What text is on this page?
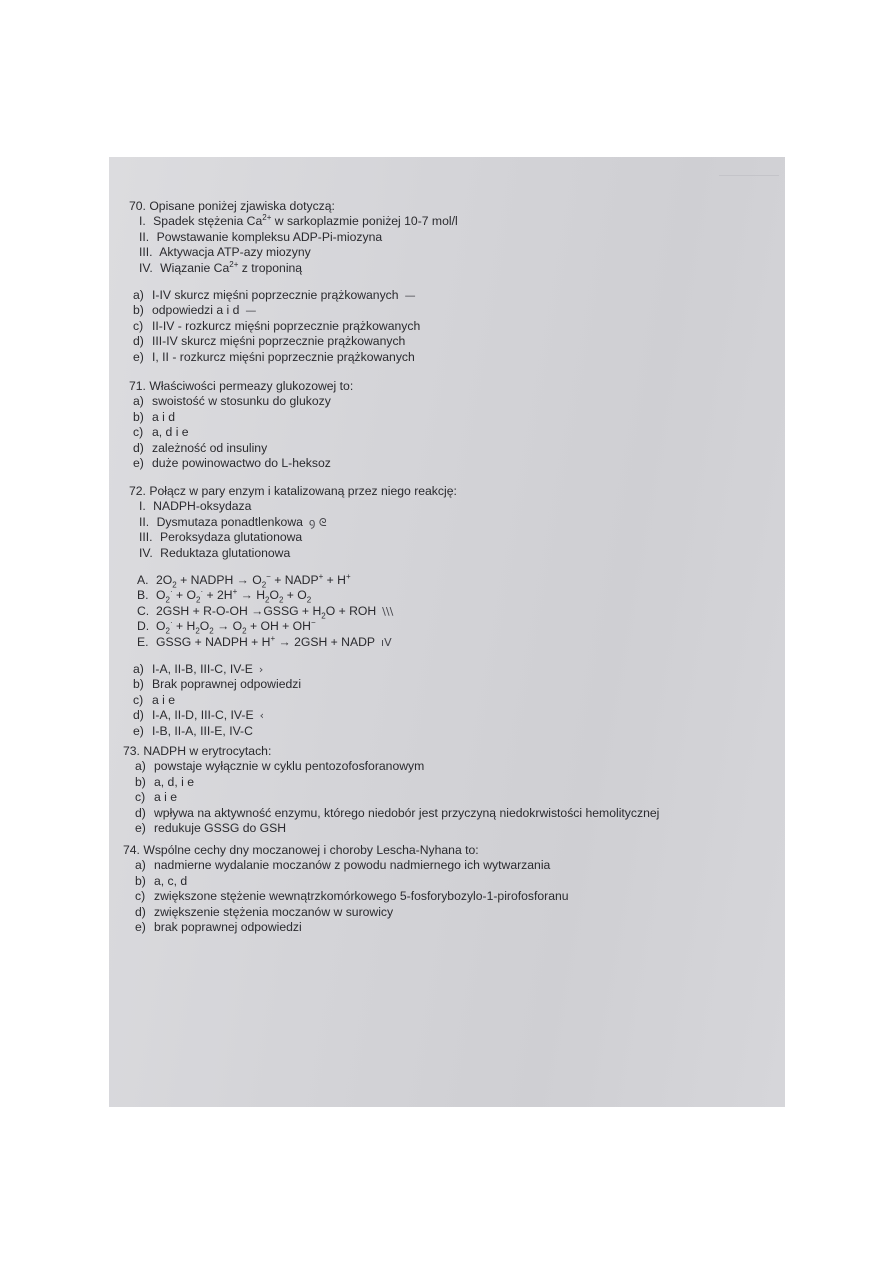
70. Opisane poniżej zjawiska dotyczą:
I. Spadek stężenia $Ca^{2+}$ w sarkoplazmie poniżej 10-7 mol/l
II. Powstawanie kompleksu ADP-Pi-miozyna
III. Aktywacja ATP-azy miozyny
IV. Wiązanie $Ca^{2+}$ z troponiną
a) I-IV skurcz mięśni poprzecznie prążkowanych —
b) odpowiedzi a i d —
c) II-IV - rozkurcz mięśni poprzecznie prążkowanych
d) III-IV skurcz mięśni poprzecznie prążkowanych
e) I, II - rozkurcz mięśni poprzecznie prążkowanych
71. Właściwości permeazy glukozowej to:
a) swoistość w stosunku do glukozy
b) a i d
c) a, d i e
d) zależność od insuliny
e) duże powinowactwo do L-heksoz
72. Połącz w pary enzym i katalizowaną przez niego reakcję:
I. NADPH-oksydaza
II. Dysmutaza ponadtlenkowa ꝯ ᘓ
III. Peroksydaza glutationowa
IV. Reduktaza glutationowa
A. $2O_2$ + NADPH → $O_2^-$ + NADP+ + H+
B. $O_2^\cdot + O_2^\cdot + 2H^+ \to H_2O_2 + O_2$
C. 2GSH + R-O-OH →GSSG + $H_2O$ + ROH \\\
D. $O_2^\cdot + H_2O_2 \to O_2$ + OH + OH−
E. GSSG + NADPH + H+ → 2GSH + NADP ıV
a) I-A, II-B, III-C, IV-E ›
b) Brak poprawnej odpowiedzi
c) a i e
d) I-A, II-D, III-C, IV-E ‹
e) I-B, II-A, III-E, IV-C
73. NADPH w erytrocytach:
a) powstaje wyłącznie w cyklu pentozofosforanowym
b) a, d, i e
c) a i e
d) wpływa na aktywność enzymu, którego niedobór jest przyczyną niedokrwistości hemolitycznej
e) redukuje GSSG do GSH
74. Wspólne cechy dny moczanowej i choroby Lescha-Nyhana to:
a) nadmierne wydalanie moczanów z powodu nadmiernego ich wytwarzania
b) a, c, d
c) zwiększone stężenie wewnątrzkomórkowego 5-fosforybozylo-1-pirofosforanu
d) zwiększenie stężenia moczanów w surowicy
e) brak poprawnej odpowiedzi
